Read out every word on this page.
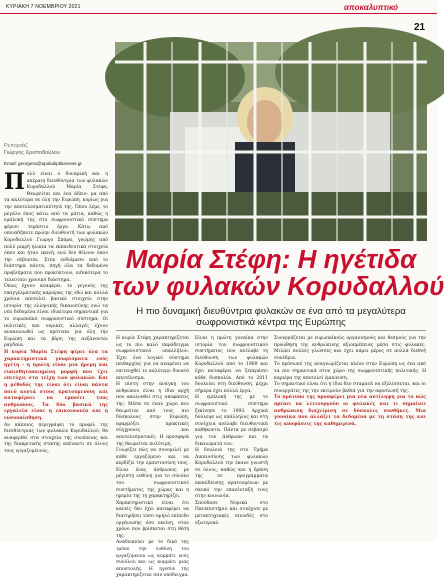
ΚΥΡΙΑΚΗ 7 ΝΟΕΜΒΡΙΟΥ 2021	αποκαλυπτικό
21
Ρεπορτάζ
Γιώργος Χριστοδούλου
Email: georgesx@apokaliptikanews.gr
Π ολύ είναι ο δυναμική και η ακέραιη διευθύντρια των φυλακών Κορυδαλλού Μαρία Στέφη. Θεωρείται και ένα άδειο- μα από τα καλύτερα σε όλη την Ευρώπη, κυρίως για την αποτελεσματικότητά της. Όπου λέμε, το μεγάλο έπος κάτω από τα μάτια, καθώς η εμπλοκή της στο σωφρονιστικό σύστημα φέρνει τεράστιο έργο. Κάτω από οποιαδήποτε πρώην διευθυντή των φυλακών Κορυδαλλού Γιώργο Σπάρα, γνώμης από πολύ μικρή ηλικία τα εκπαιδευτικά στοιχεία όπου και ήταν ικανή, ενώ δεν θέλουν όπου την σέβονται. Στην ενδιάμεσο από το διάστημα πάντα, πηγή όλα τα δεδομένα προβλήματα που προκύπτουν, ειδικότερα το τελευταίο χρονικό διάστημα.

Όπως έχουν αναφέρει, το γεγονός της επαγγελματικής καριέρας της εδώ και πολλά χρόνια αποτελεί βασικό στοιχείο στην ιστορία της ελληνικής δικαιοσύνης ενώ τα νέα δεδομένα είναι ιδιαίτερα σημαντικά για το ευρωπαϊκό σωφρονιστικό σύστημα. Οι πολιτικές και νομικές αλλαγές έχουν ανακοινωθεί ως πρότυπα για όλη την Ευρώπη και τα βάρη της αυξάνονται ραγδαία.

Η κυρία Μαρία Στέφη φέρει όλα τα χαρακτηριστικά γνωρίσματα ενός ηγέτη - η πρώτη είναι μια ήρεμη και ευαισθητοποιημένη μορφή που έχει επιτύχει στα τείχη των φυλακών. Και η μέθοδός της είναι ότι είναι πάντα πολύ κοντά στους κρατούμενους και καταφέρνει να εμπνέει τους ανθρώπους. Τα δύο βασικά της εργαλεία είναι η επικοινωνία και η ενσυναίσθηση.

Αν κάποιος περιγράψει το προφίλ της διευθύντριας των φυλακών Κορυδαλλού, θα αναφερθεί στα στοιχεία της συνέπειας και της διακριτικής στάσης απέναντι σε όλους τους εργαζομένους.

Μαρία Στέφη: Η ηγέτιδα
των φυλακών Κορυδαλλού
Η πιο δυναμική διευθύντρια φυλακών σε ένα από τα μεγαλύτερα σωφρονιστικά κέντρα της Ευρώπης

Η κυρία Στέφη χαρακτηρίζεται ως το πιο καλό παράδειγμα σωφρονιστικού υπαλλήλου. Έχει ένα λογικό σύστημα πειθαρχίας για να αναμένει να επιτευχθεί το καλύτερο δυνατό αποτέλεσμα.

Η πίστη στην ανάγκη του ανθρώπου είναι η ίδια αρχή που ακολουθεί στις αποφάσεις της. Μέσα σε έναν χώρο που θεωρείται από τους πιο δύσκολους στην Ευρώπη, εφαρμόζει πρακτικές σύγχρονες και αποτελεσματικές. Η προσφορά της θεωρείται πολύτιμη.

Γνωρίζει πώς να συνομιλεί με κάθε εργαζόμενο και να κερδίζει την εμπιστοσύνη τους. Είναι ένας άνθρωπος με μέγιστη ευθύνη για το σύνολο του σωφρονιστικού συστήματος της χώρας και η ηρεμία της τη χαρακτηρίζει.

Χαρακτηριστικό είναι ότι κανείς δεν έχει καταφέρει να διατηρήσει τόσο υψηλό επίπεδο οργάνωσης όσο εκείνη, στον χρόνο που βρίσκεται στη θέση της.

Αναδεικνύει με το δικό της τρόπο την ευθύνη του εργαζόμενου ως κομμάτι ενός συνόλου και ως κομμάτι μιας αποστολής. Η ηγεσία της χαρακτηρίζεται σαν υπόδειγμα.

Είναι η πρώτη γυναίκα στην ιστορία του σωφρονιστικού συστήματος που ανέλαβε τη διεύθυνση των φυλακών Κορυδαλλού από το 1969 και έχει καταφέρει να ξεπεράσει κάθε δυσκολία. Από το 2011 δουλεύει στη διεύθυνση, μέχρι σήμερα έχει πολλά έργα.

Η εμπλοκή της με το σωφρονιστικό σύστημα ξεκίνησε το 1993. Αρχικά δούλεψε ως υπάλληλος και στη συνέχεια ανέλαβε διευθυντικά καθήκοντα. Πάντα με σεβασμό για τον άνθρωπο και τα δικαιώματά του.

Η δουλειά της στο Τμήμα Δικαιοσύνης των φυλακών Κορυδαλλού την έκανε γνωστή σε όλους, καθώς και η δράση της σε προγράμματα εκπαίδευσης κρατουμένων με σκοπό την επανένταξή τους στην κοινωνία.

Σπούδασε Νομικά στο Πανεπιστήμιο και συνέχισε με μεταπτυχιακές σπουδές στο εξωτερικό.

Συνεργάζεται με ευρωπαϊκούς οργανισμούς και θεσμούς για την προώθηση της ανθρώπινης αξιοπρέπειας μέσα στις φυλακές. Μιλάει πολλές γλώσσες και έχει πάρει μέρος σε πολλά διεθνή συνέδρια.

Το πρόσωπό της αναγνωρίζεται πλέον στην Ευρώπη ως ένα από τα πιο σημαντικά στον χώρο της σωφρονιστικής πολιτικής. Η καριέρα της αποτελεί έμπνευση.

Το σημαντικό είναι ότι η ίδια δεν σταματά να εξελίσσεται, και οι συνεργάτες της την εκτιμούν βαθιά για την αφοσίωσή της.

Το πρότυπο της προσφέρει μια νέα αντίληψη για το πώς πρέπει να λειτουργούν οι φυλακές και τι σημαίνει ανθρώπινη διαχείριση σε δύσκολες συνθήκες. Μια γυναίκα που αλλάζει τα δεδομένα με τη στάση της και τις αποφάσεις της καθημερινά.
